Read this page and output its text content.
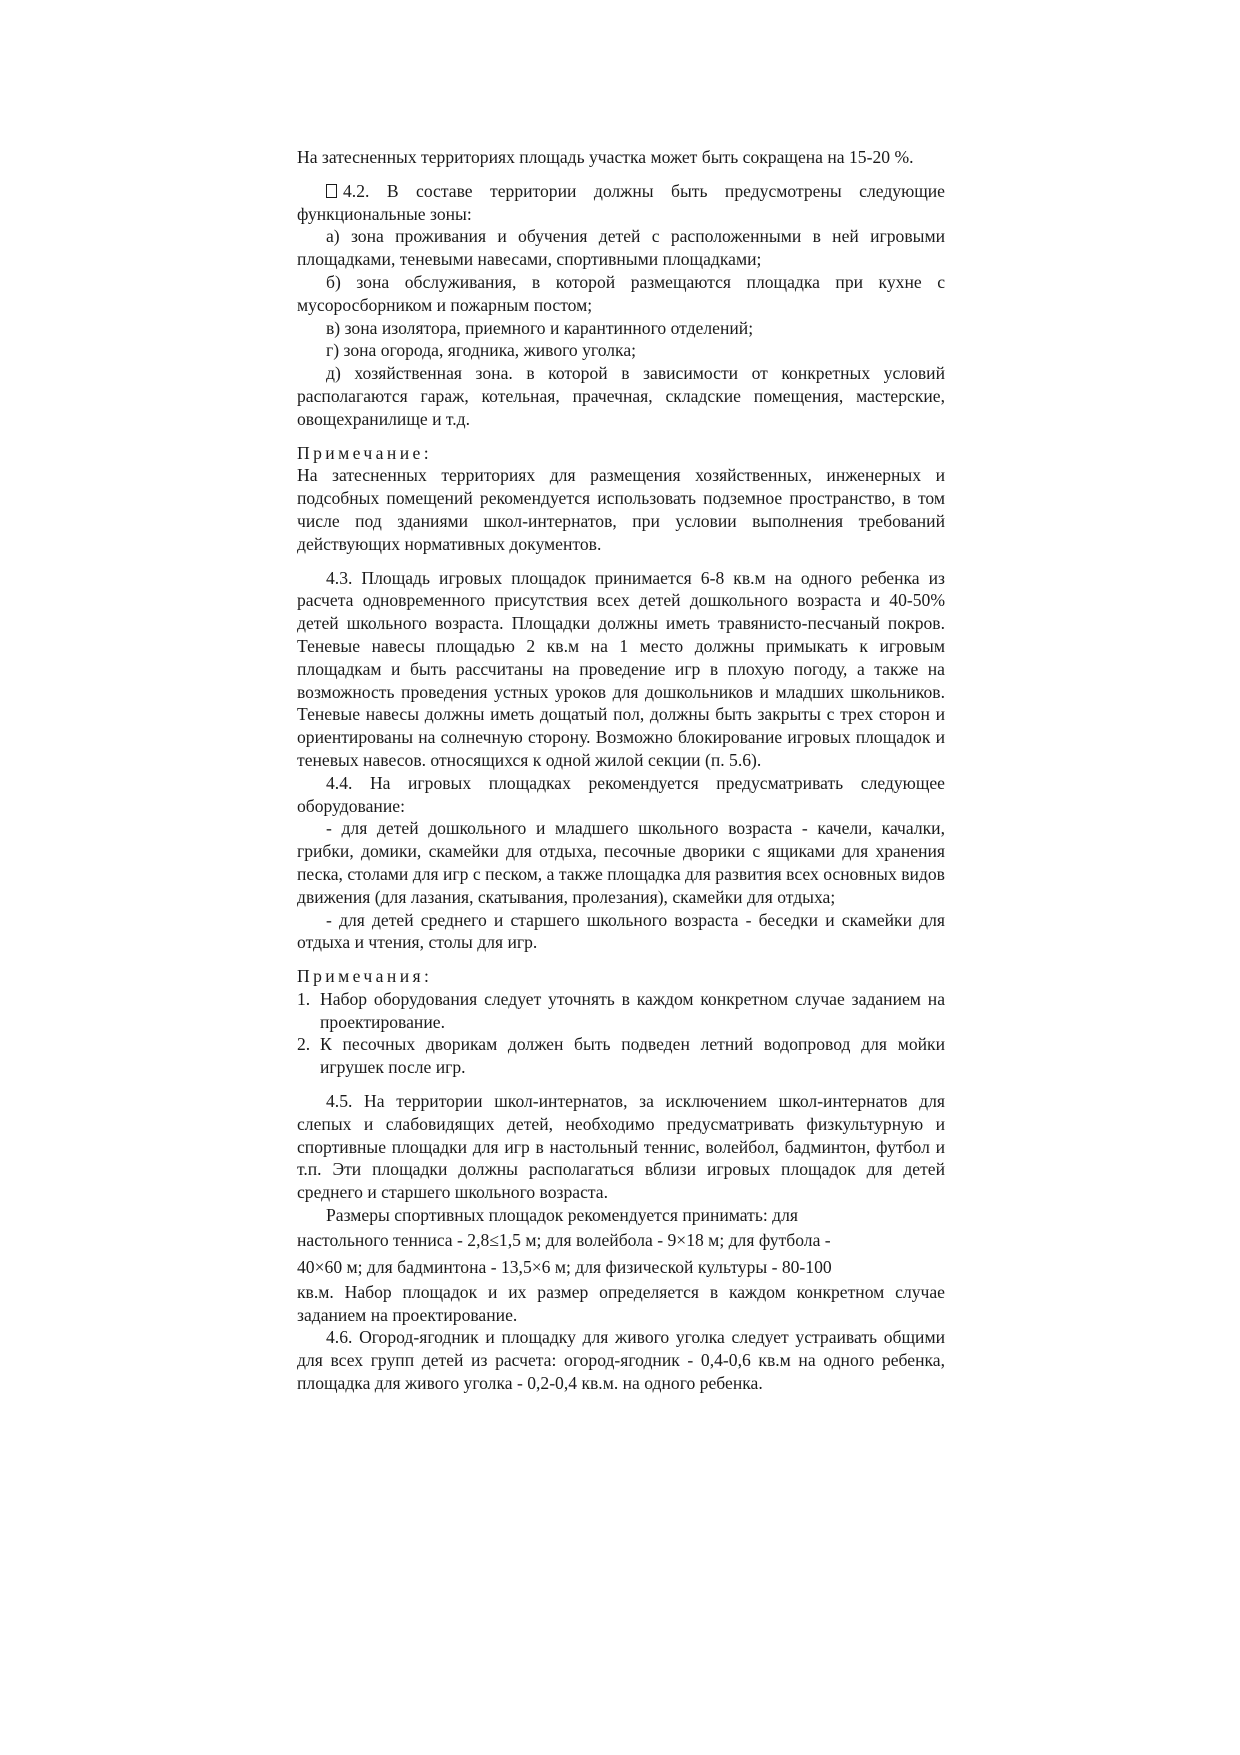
На затесненных территориях площадь участка может быть сокращена на 15-20 %.

4.2. В составе территории должны быть предусмотрены следующие функциональные зоны:

а) зона проживания и обучения детей с расположенными в ней игровыми площадками, теневыми навесами, спортивными площадками;

б) зона обслуживания, в которой размещаются площадка при кухне с мусоросборником и пожарным постом;

в) зона изолятора, приемного и карантинного отделений;

г) зона огорода, ягодника, живого уголка;

д) хозяйственная зона. в которой в зависимости от конкретных условий располагаются гараж, котельная, прачечная, складские помещения, мастерские, овощехранилище и т.д.

Примечание:

На затесненных территориях для размещения хозяйственных, инженерных и подсобных помещений рекомендуется использовать подземное пространство, в том числе под зданиями школ-интернатов, при условии выполнения требований действующих нормативных документов.

4.3. Площадь игровых площадок принимается 6-8 кв.м на одного ребенка из расчета одновременного присутствия всех детей дошкольного возраста и 40-50% детей школьного возраста. Площадки должны иметь травянисто-песчаный покров. Теневые навесы площадью 2 кв.м на 1 место должны примыкать к игровым площадкам и быть рассчитаны на проведение игр в плохую погоду, а также на возможность проведения устных уроков для дошкольников и младших школьников. Теневые навесы должны иметь дощатый пол, должны быть закрыты с трех сторон и ориентированы на солнечную сторону. Возможно блокирование игровых площадок и теневых навесов. относящихся к одной жилой секции (п. 5.6).

4.4. На игровых площадках рекомендуется предусматривать следующее оборудование:

- для детей дошкольного и младшего школьного возраста - качели, качалки, грибки, домики, скамейки для отдыха, песочные дворики с ящиками для хранения песка, столами для игр с песком, а также площадка для развития всех основных видов движения (для лазания, скатывания, пролезания), скамейки для отдыха;

- для детей среднего и старшего школьного возраста - беседки и скамейки для отдыха и чтения, столы для игр.

Примечания:

1. Набор оборудования следует уточнять в каждом конкретном случае заданием на проектирование.
2. К песочных дворикам должен быть подведен летний водопровод для мойки игрушек после игр.

4.5. На территории школ-интернатов, за исключением школ-интернатов для слепых и слабовидящих детей, необходимо предусматривать физкультурную и спортивные площадки для игр в настольный теннис, волейбол, бадминтон, футбол и т.п. Эти площадки должны располагаться вблизи игровых площадок для детей среднего и старшего школьного возраста.

Размеры спортивных площадок рекомендуется принимать: для

настольного тенниса - 2,8≤1,5 м; для волейбола - 9×18 м; для футбола -

40×60 м; для бадминтона - 13,5×6 м; для физической культуры - 80-100

кв.м. Набор площадок и их размер определяется в каждом конкретном случае заданием на проектирование.

4.6. Огород-ягодник и площадку для живого уголка следует устраивать общими для всех групп детей из расчета: огород-ягодник - 0,4-0,6 кв.м на одного ребенка, площадка для живого уголка - 0,2-0,4 кв.м. на одного ребенка.
